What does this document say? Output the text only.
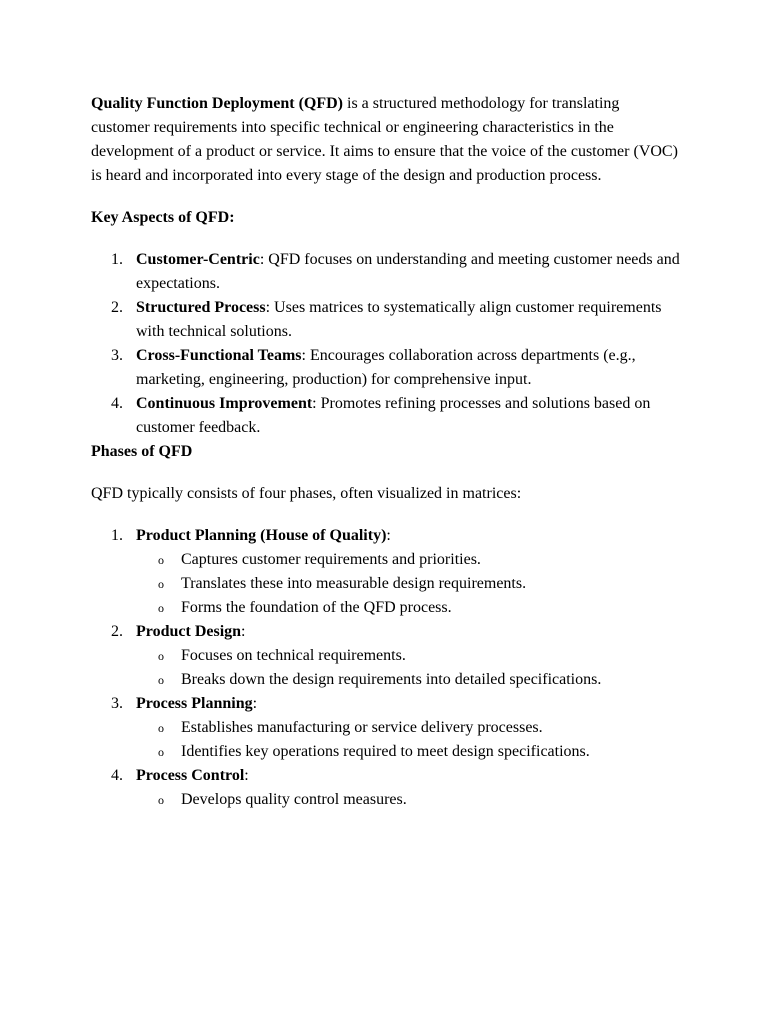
Quality Function Deployment (QFD) is a structured methodology for translating customer requirements into specific technical or engineering characteristics in the development of a product or service. It aims to ensure that the voice of the customer (VOC) is heard and incorporated into every stage of the design and production process.

Key Aspects of QFD:

1. Customer-Centric: QFD focuses on understanding and meeting customer needs and expectations.
2. Structured Process: Uses matrices to systematically align customer requirements with technical solutions.
3. Cross-Functional Teams: Encourages collaboration across departments (e.g., marketing, engineering, production) for comprehensive input.
4. Continuous Improvement: Promotes refining processes and solutions based on customer feedback.

Phases of QFD

QFD typically consists of four phases, often visualized in matrices:

1. Product Planning (House of Quality):
o Captures customer requirements and priorities.
o Translates these into measurable design requirements.
o Forms the foundation of the QFD process.
2. Product Design:
o Focuses on technical requirements.
o Breaks down the design requirements into detailed specifications.
3. Process Planning:
o Establishes manufacturing or service delivery processes.
o Identifies key operations required to meet design specifications.
4. Process Control:
o Develops quality control measures.
